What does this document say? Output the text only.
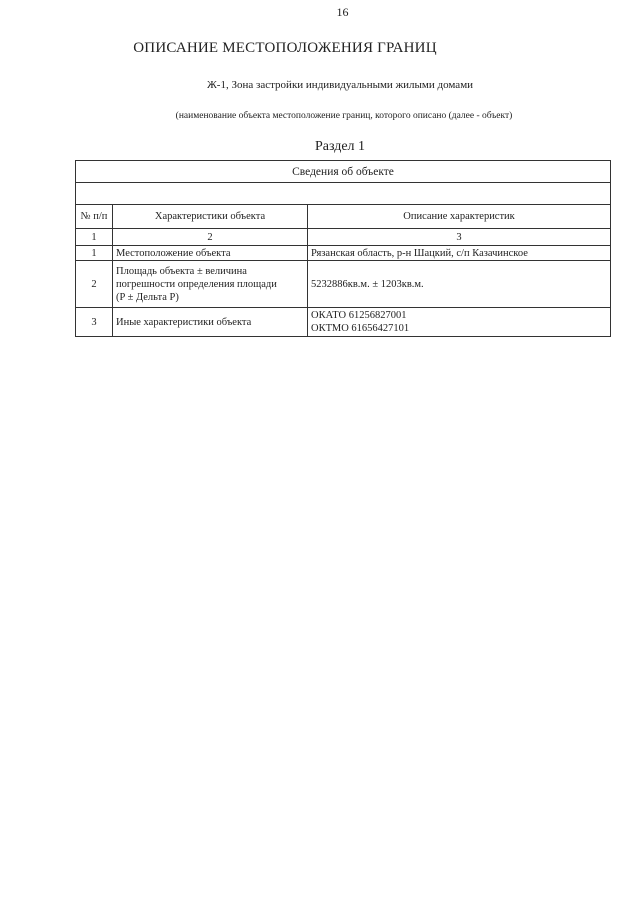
16
ОПИСАНИЕ МЕСТОПОЛОЖЕНИЯ ГРАНИЦ
Ж-1, Зона застройки индивидуальными жилыми домами
(наименование объекта местоположение границ, которого описано (далее - объект)
Раздел 1
Сведения об объекте		

№ п/п	Характеристики объекта	Описание характеристик
1	2	3
1	Местоположение объекта	Рязанская область, р-н Шацкий, с/п Казачинское
2	Площадь объекта ± величина
погрешности определения площади
(P ± Дельта P)	5232886кв.м. ± 1203кв.м.
3	Иные характеристики объекта	ОКАТО 61256827001
ОКТМО 61656427101
